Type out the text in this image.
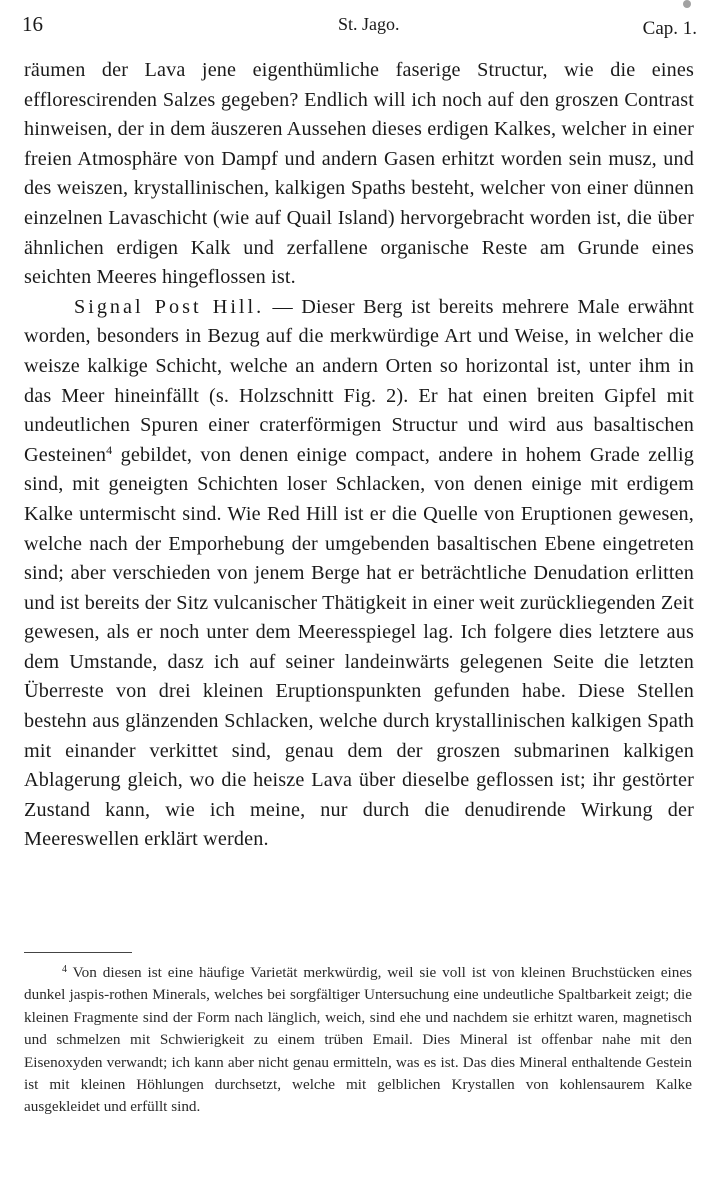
16	St. Jago.	Cap. 1.

räumen der Lava jene eigenthümliche faserige Structur, wie die eines efflorescirenden Salzes gegeben? Endlich will ich noch auf den groszen Contrast hinweisen, der in dem äuszeren Aussehen dieses erdigen Kalkes, welcher in einer freien Atmosphäre von Dampf und andern Gasen erhitzt worden sein musz, und des weiszen, krystallinischen, kalkigen Spaths besteht, welcher von einer dünnen einzelnen Lavaschicht (wie auf Quail Island) hervorgebracht worden ist, die über ähnlichen erdigen Kalk und zerfallene organische Reste am Grunde eines seichten Meeres hingeflossen ist.

Signal Post Hill. — Dieser Berg ist bereits mehrere Male erwähnt worden, besonders in Bezug auf die merkwürdige Art und Weise, in welcher die weisze kalkige Schicht, welche an andern Orten so horizontal ist, unter ihm in das Meer hineinfällt (s. Holzschnitt Fig. 2). Er hat einen breiten Gipfel mit undeutlichen Spuren einer craterförmigen Structur und wird aus basaltischen Gesteinen$^4$ gebildet, von denen einige compact, andere in hohem Grade zellig sind, mit geneigten Schichten loser Schlacken, von denen einige mit erdigem Kalke untermischt sind. Wie Red Hill ist er die Quelle von Eruptionen gewesen, welche nach der Emporhebung der umgebenden basaltischen Ebene eingetreten sind; aber verschieden von jenem Berge hat er beträchtliche Denudation erlitten und ist bereits der Sitz vulcanischer Thätigkeit in einer weit zurückliegenden Zeit gewesen, als er noch unter dem Meeresspiegel lag. Ich folgere dies letztere aus dem Umstande, dasz ich auf seiner landeinwärts gelegenen Seite die letzten Überreste von drei kleinen Eruptionspunkten gefunden habe. Diese Stellen bestehn aus glänzenden Schlacken, welche durch krystallinischen kalkigen Spath mit einander verkittet sind, genau dem der groszen submarinen kalkigen Ablagerung gleich, wo die heisze Lava über dieselbe geflossen ist; ihr gestörter Zustand kann, wie ich meine, nur durch die denudirende Wirkung der Meereswellen erklärt werden.

$^4$ Von diesen ist eine häufige Varietät merkwürdig, weil sie voll ist von kleinen Bruchstücken eines dunkel jaspis-rothen Minerals, welches bei sorgfältiger Untersuchung eine undeutliche Spaltbarkeit zeigt; die kleinen Fragmente sind der Form nach länglich, weich, sind ehe und nachdem sie erhitzt waren, magnetisch und schmelzen mit Schwierigkeit zu einem trüben Email. Dies Mineral ist offenbar nahe mit den Eisenoxyden verwandt; ich kann aber nicht genau ermitteln, was es ist. Das dies Mineral enthaltende Gestein ist mit kleinen Höhlungen durchsetzt, welche mit gelblichen Krystallen von kohlensaurem Kalke ausgekleidet und erfüllt sind.
